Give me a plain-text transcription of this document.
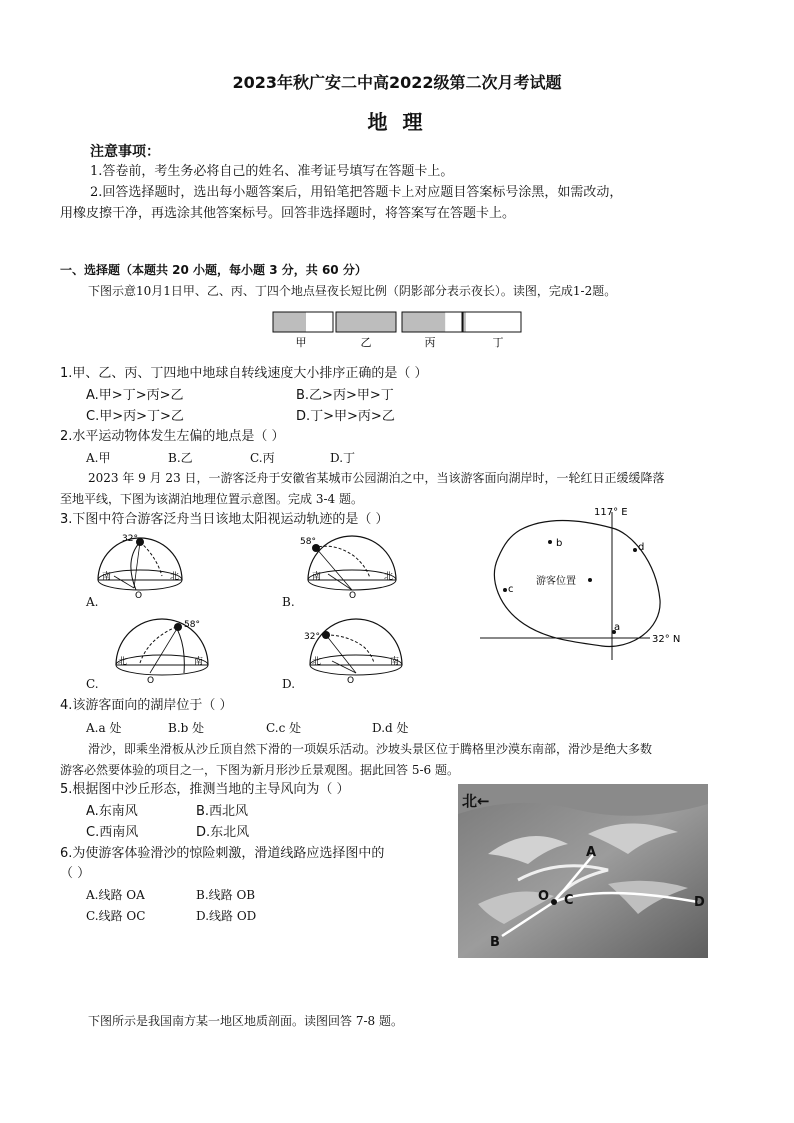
2023年秋广安二中高2022级第二次月考试题
地 理
注意事项：
1.答卷前，考生务必将自己的姓名、准考证号填写在答题卡上。
2.回答选择题时，选出每小题答案后，用铅笔把答题卡上对应题目答案标号涂黑，如需改动，
用橡皮擦干净，再选涂其他答案标号。回答非选择题时，将答案写在答题卡上。
一、选择题（本题共 20 小题，每小题 3 分，共 60 分）
下图示意10月1日甲、乙、丙、丁四个地点昼夜长短比例（阴影部分表示夜长）。读图，完成1-2题。
甲	乙	丙	丁
1.甲、乙、丙、丁四地中地球自转线速度大小排序正确的是（ ）
A.甲>丁>丙>乙	B.乙>丙>甲>丁
C.甲>丙>丁>乙	D.丁>甲>丙>乙
2.水平运动物体发生左偏的地点是（ ）
A.甲	B.乙	C.丙	D.丁
2023 年 9 月 23 日，一游客泛舟于安徽省某城市公园湖泊之中，当该游客面向湖岸时，一轮红日正缓缓降落
至地平线，下图为该湖泊地理位置示意图。完成 3-4 题。
3.下图中符合游客泛舟当日该地太阳视运动轨迹的是（ ）
32°
南	北
O
A.
58°
南	北
O
B.
58°
北	南
O
C.
32°
北	南
O
D.
117° E
32° N
游客位置
b	d
c
a
4.该游客面向的湖岸位于（ ）
A.a 处	B.b 处	C.c 处	D.d 处
滑沙，即乘坐滑板从沙丘顶自然下滑的一项娱乐活动。沙坡头景区位于腾格里沙漠东南部，滑沙是绝大多数
游客必然要体验的项目之一，下图为新月形沙丘景观图。据此回答 5-6 题。
5.根据图中沙丘形态，推测当地的主导风向为（ ）
A.东南风	B.西北风
C.西南风	D.东北风
6.为使游客体验滑沙的惊险刺激，滑道线路应选择图中的
（ ）
A.线路 OA	B.线路 OB
C.线路 OC	D.线路 OD
北←
A
B
C	D
O
下图所示是我国南方某一地区地质剖面。读图回答 7-8 题。
